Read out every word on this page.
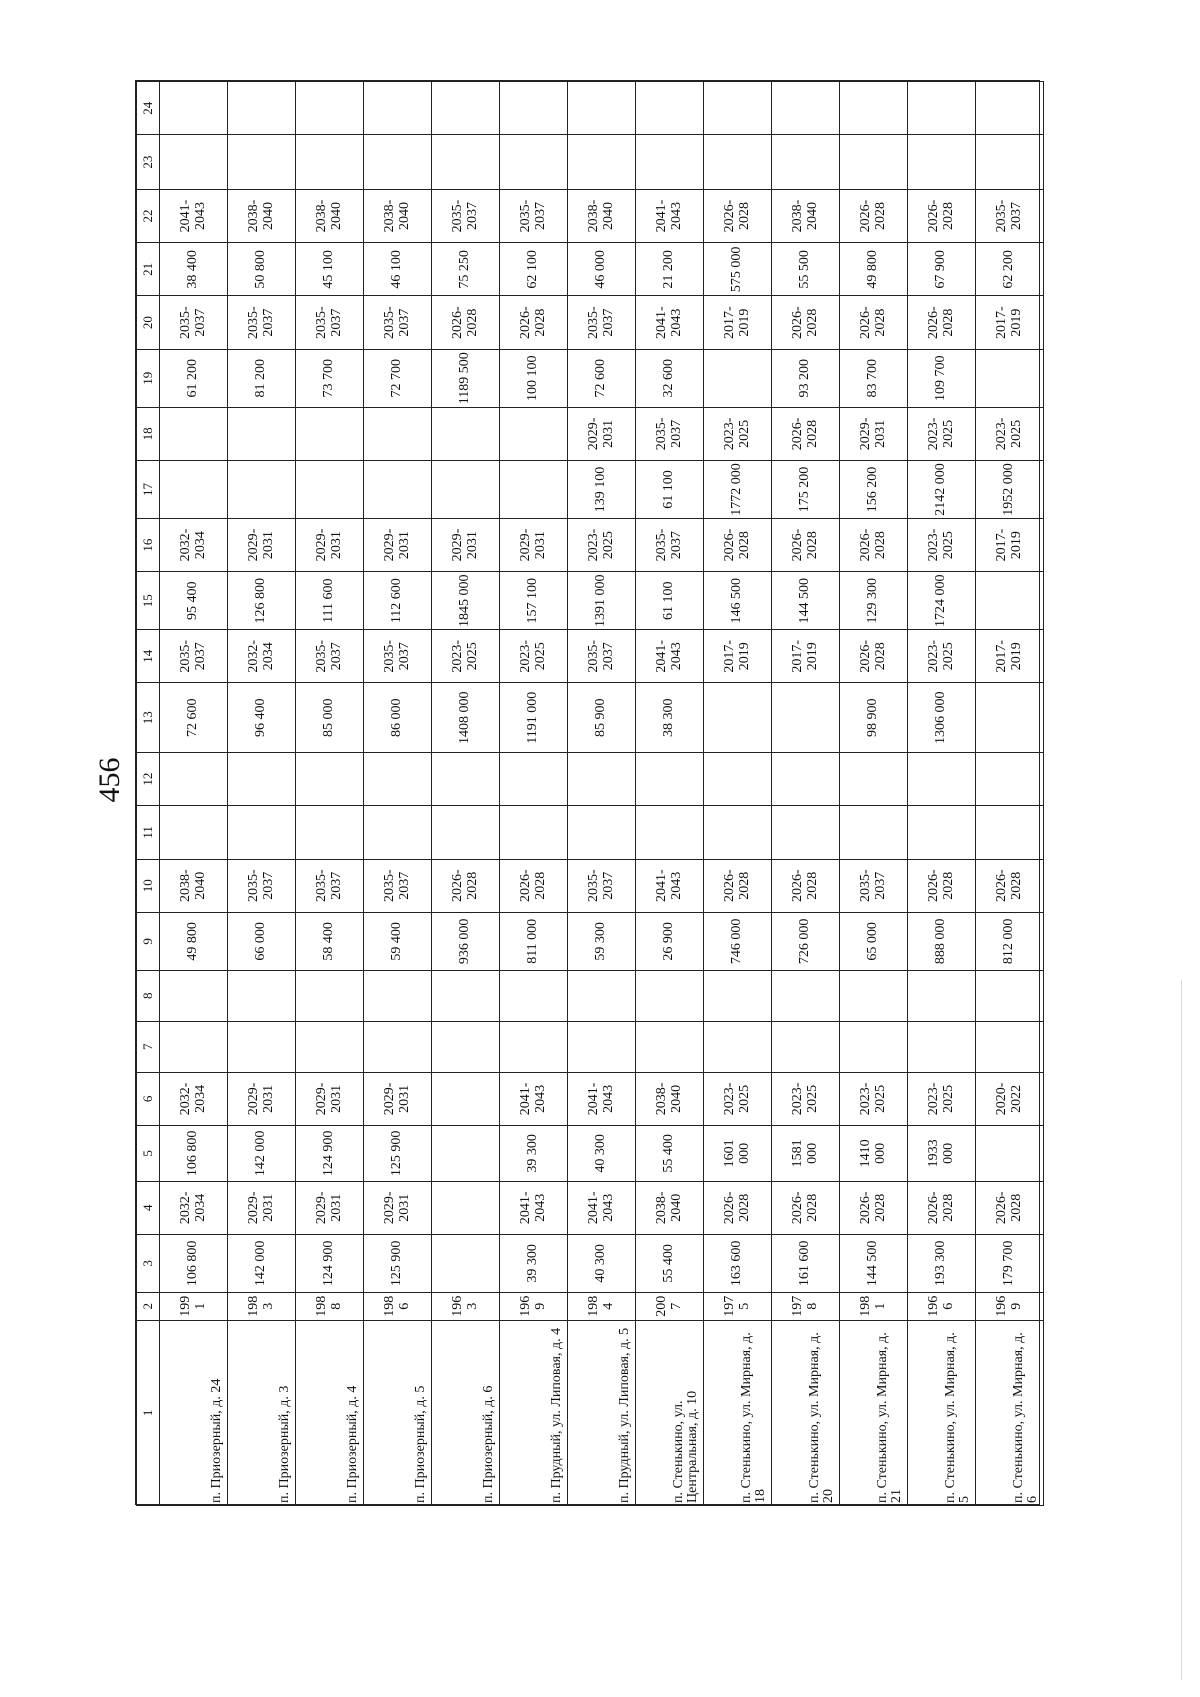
456
1	2	3	4	5	6	7	8	9	10	11	12	13	14	15	16	17	18	19	20	21	22	23	24
п. Приозерный, д. 24	1991	106 800	2032-2034	106 800	2032-2034			49 800	2038-2040			72 600	2035-2037	95 400	2032-2034			61 200	2035-2037	38 400	2041-2043		
п. Приозерный, д. 3	1983	142 000	2029-2031	142 000	2029-2031			66 000	2035-2037			96 400	2032-2034	126 800	2029-2031			81 200	2035-2037	50 800	2038-2040		
п. Приозерный, д. 4	1988	124 900	2029-2031	124 900	2029-2031			58 400	2035-2037			85 000	2035-2037	111 600	2029-2031			73 700	2035-2037	45 100	2038-2040		
п. Приозерный, д. 5	1986	125 900	2029-2031	125 900	2029-2031			59 400	2035-2037			86 000	2035-2037	112 600	2029-2031			72 700	2035-2037	46 100	2038-2040		
п. Приозерный, д. 6	1963							936 000	2026-2028			1408 000	2023-2025	1845 000	2029-2031			1189 500	2026-2028	75 250	2035-2037		
п. Прудный, ул. Липовая, д. 4	1969	39 300	2041-2043	39 300	2041-2043			811 000	2026-2028			1191 000	2023-2025	157 100	2029-2031			100 100	2026-2028	62 100	2035-2037		
п. Прудный, ул. Липовая, д. 5	1984	40 300	2041-2043	40 300	2041-2043			59 300	2035-2037			85 900	2035-2037	1391 000	2023-2025	139 100	2029-2031	72 600	2035-2037	46 000	2038-2040		
п. Стенькино, ул. Центральная, д. 10	2007	55 400	2038-2040	55 400	2038-2040			26 900	2041-2043			38 300	2041-2043	61 100	2035-2037	61 100	2035-2037	32 600	2041-2043	21 200	2041-2043		
п. Стенькино, ул. Мирная, д. 18	1975	163 600	2026-2028	1601 000	2023-2025			746 000	2026-2028				2017-2019	146 500	2026-2028	1772 000	2023-2025		2017-2019	575 000	2026-2028		
п. Стенькино, ул. Мирная, д. 20	1978	161 600	2026-2028	1581 000	2023-2025			726 000	2026-2028				2017-2019	144 500	2026-2028	175 200	2026-2028	93 200	2026-2028	55 500	2038-2040		
п. Стенькино, ул. Мирная, д. 21	1981	144 500	2026-2028	1410 000	2023-2025			65 000	2035-2037			98 900	2026-2028	129 300	2026-2028	156 200	2029-2031	83 700	2026-2028	49 800	2026-2028		
п. Стенькино, ул. Мирная, д. 5	1966	193 300	2026-2028	1933 000	2023-2025			888 000	2026-2028			1306 000	2023-2025	1724 000	2023-2025	2142 000	2023-2025	109 700	2026-2028	67 900	2026-2028		
п. Стенькино, ул. Мирная, д. 6	1969	179 700	2026-2028		2020-2022			812 000	2026-2028				2017-2019		2017-2019	1952 000	2023-2025		2017-2019	62 200	2035-2037		
